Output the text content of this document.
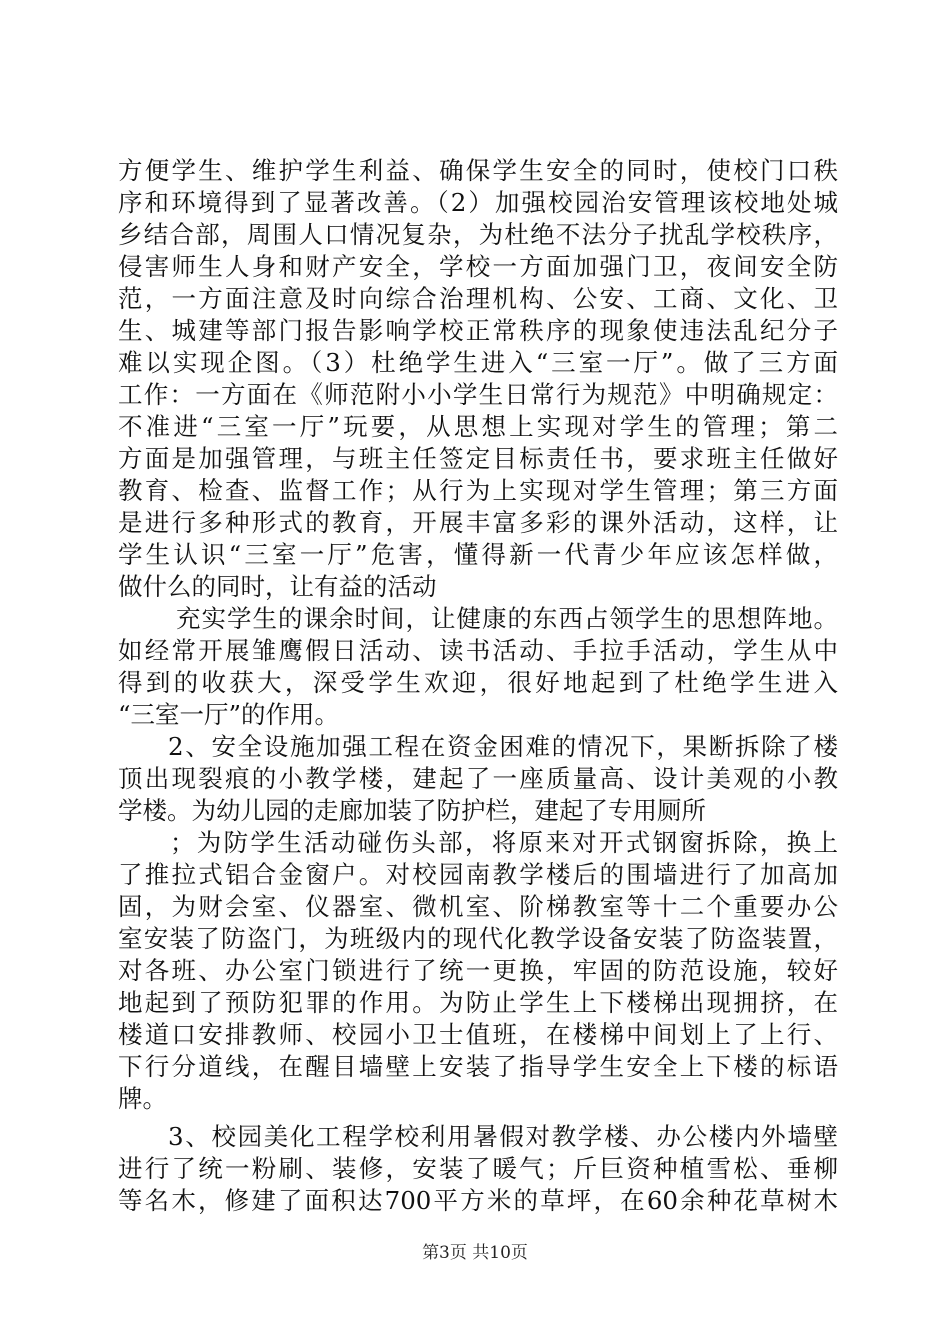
方便学生、维护学生利益、确保学生安全的同时，使校门口秩
序和环境得到了显著改善。（2）加强校园治安管理该校地处城
乡结合部，周围人口情况复杂，为杜绝不法分子扰乱学校秩序，
侵害师生人身和财产安全，学校一方面加强门卫，夜间安全防
范，一方面注意及时向综合治理机构、公安、工商、文化、卫
生、城建等部门报告影响学校正常秩序的现象使违法乱纪分子
难以实现企图。（3）杜绝学生进入“三室一厅”。做了三方面
工作：一方面在《师范附小小学生日常行为规范》中明确规定：
不准进“三室一厅”玩要，从思想上实现对学生的管理；第二
方面是加强管理，与班主任签定目标责任书，要求班主任做好
教育、检查、监督工作；从行为上实现对学生管理；第三方面
是进行多种形式的教育，开展丰富多彩的课外活动，这样，让
学生认识“三室一厅”危害，懂得新一代青少年应该怎样做，
做什么的同时，让有益的活动
充实学生的课余时间，让健康的东西占领学生的思想阵地。
如经常开展雏鹰假日活动、读书活动、手拉手活动，学生从中
得到的收获大，深受学生欢迎，很好地起到了杜绝学生进入
“三室一厅”的作用。
2、安全设施加强工程在资金困难的情况下，果断拆除了楼
顶出现裂痕的小教学楼，建起了一座质量高、设计美观的小教
学楼。为幼儿园的走廊加装了防护栏，建起了专用厕所
；为防学生活动碰伤头部，将原来对开式钢窗拆除，换上
了推拉式铝合金窗户。对校园南教学楼后的围墙进行了加高加
固，为财会室、仪器室、微机室、阶梯教室等十二个重要办公
室安装了防盗门，为班级内的现代化教学设备安装了防盗装置，
对各班、办公室门锁进行了统一更换，牢固的防范设施，较好
地起到了预防犯罪的作用。为防止学生上下楼梯出现拥挤，在
楼道口安排教师、校园小卫士值班，在楼梯中间划上了上行、
下行分道线，在醒目墙壁上安装了指导学生安全上下楼的标语
牌。
3、校园美化工程学校利用暑假对教学楼、办公楼内外墙壁
进行了统一粉刷、装修，安装了暖气；斤巨资种植雪松、垂柳
等名木，修建了面积达700平方米的草坪，在60余种花草树木
第3页 共10页
